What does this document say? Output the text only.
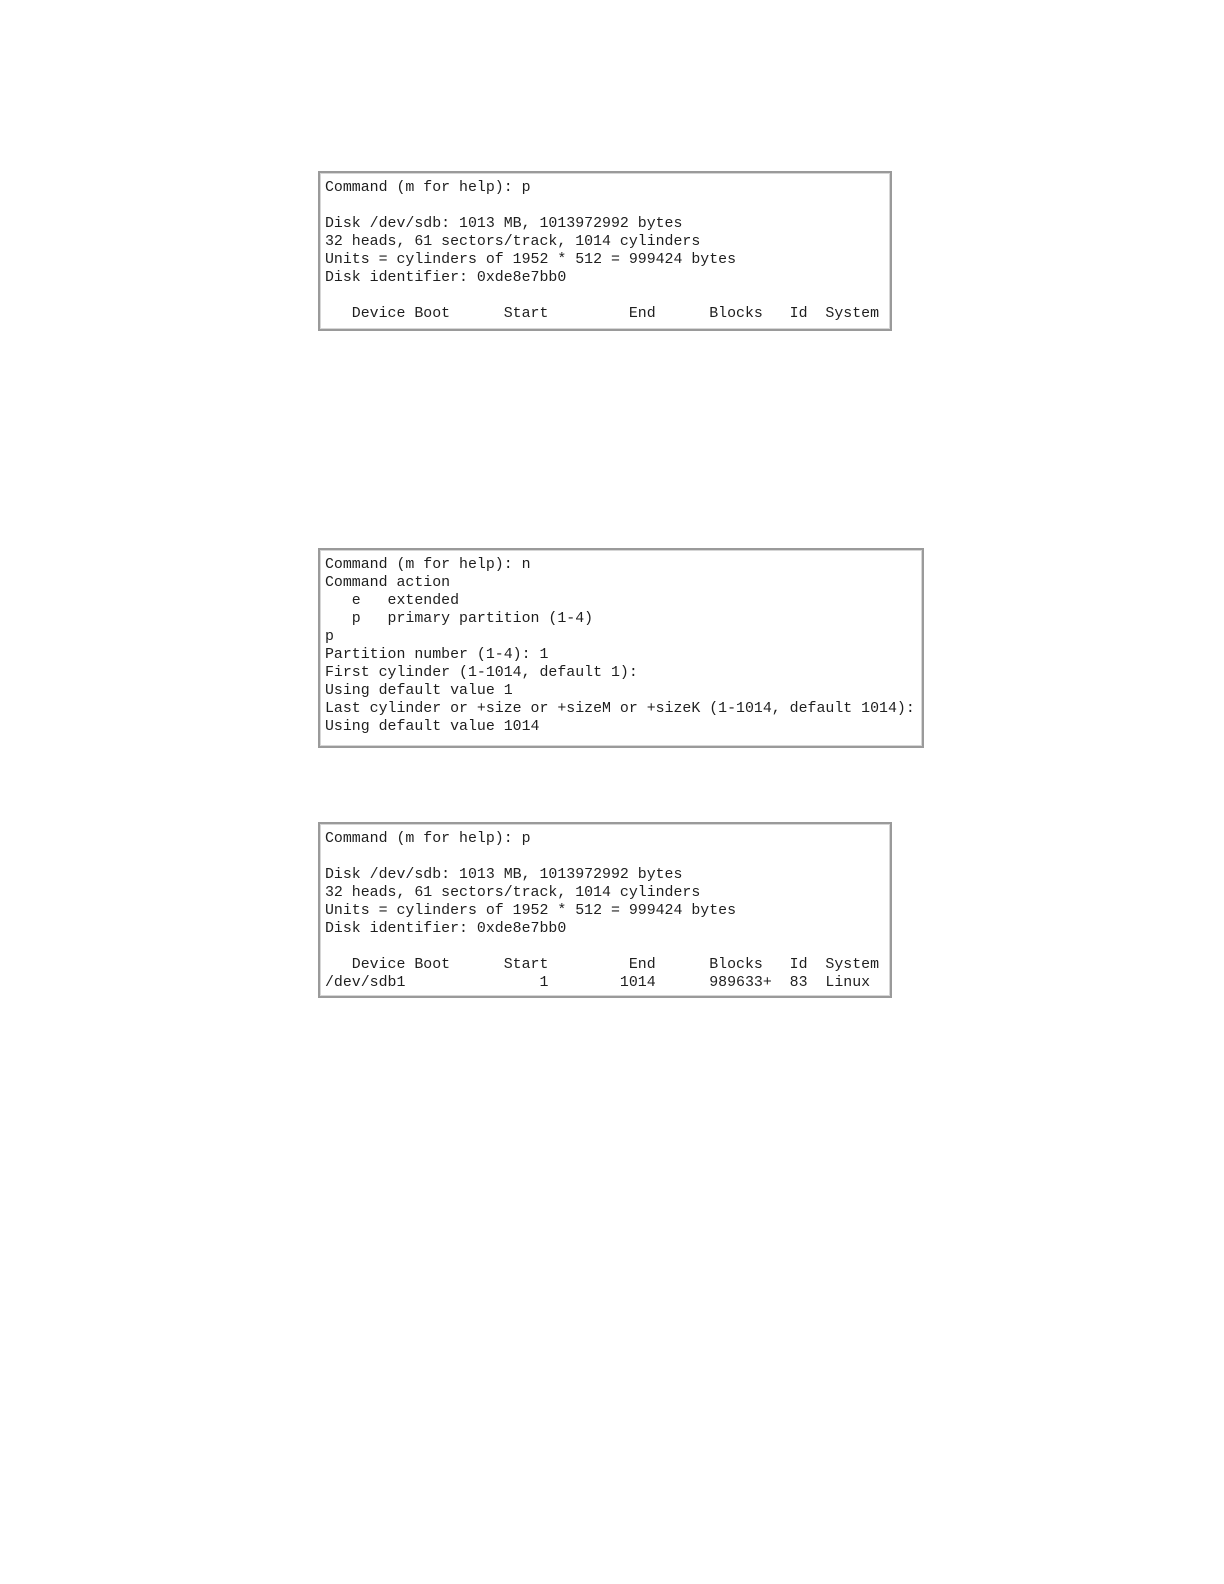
Command (m for help): p
Disk /dev/sdb: 1013 MB, 1013972992 bytes
32 heads, 61 sectors/track, 1014 cylinders
Units = cylinders of 1952 * 512 = 999424 bytes
Disk identifier: 0xde8e7bb0
Device Boot      Start         End      Blocks   Id  System
Command (m for help): n
Command action
e   extended
p   primary partition (1-4)
p
Partition number (1-4): 1
First cylinder (1-1014, default 1):
Using default value 1
Last cylinder or +size or +sizeM or +sizeK (1-1014, default 1014):
Using default value 1014
Command (m for help): p
Disk /dev/sdb: 1013 MB, 1013972992 bytes
32 heads, 61 sectors/track, 1014 cylinders
Units = cylinders of 1952 * 512 = 999424 bytes
Disk identifier: 0xde8e7bb0
Device Boot      Start         End      Blocks   Id  System
/dev/sdb1               1        1014      989633+  83  Linux
